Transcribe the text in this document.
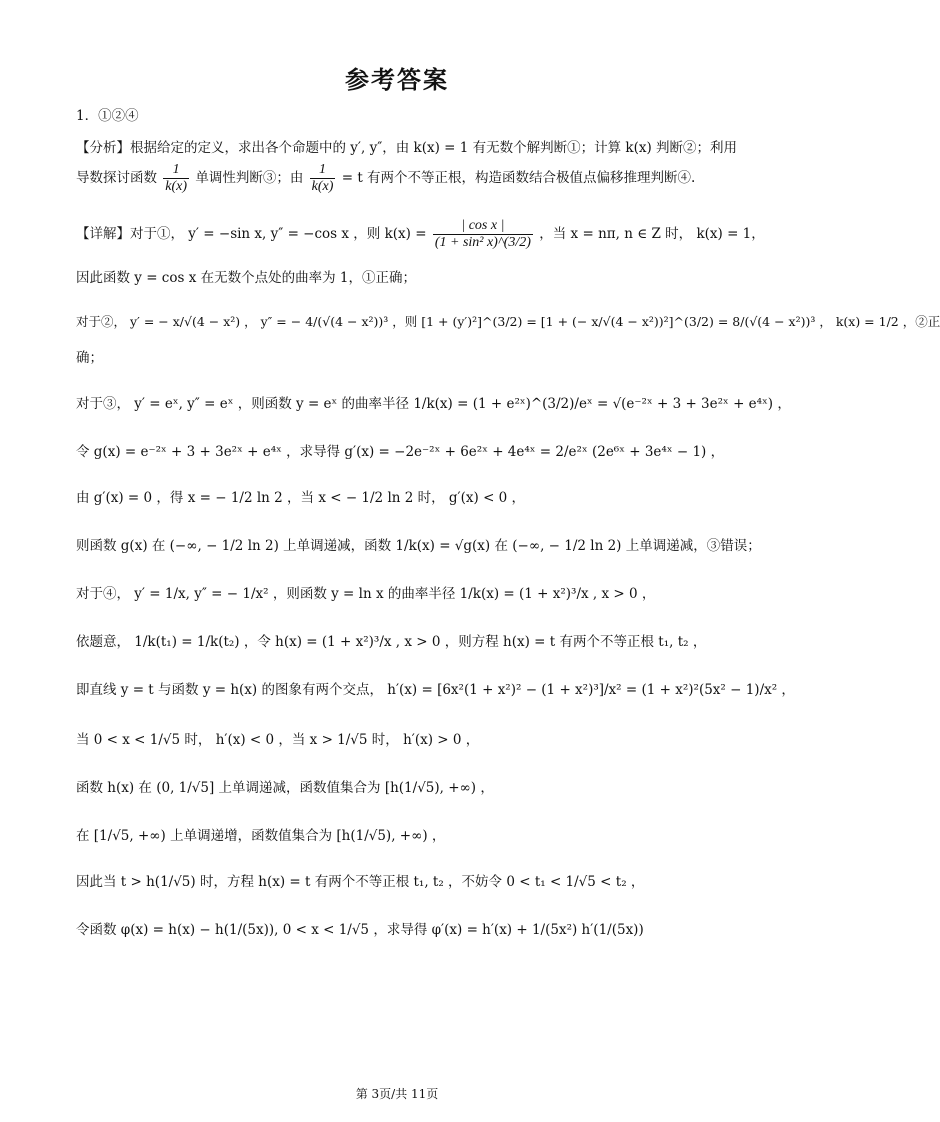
参考答案
1．①②④
【分析】根据给定的定义，求出各个命题中的 y′, y″，由 k(x) = 1 有无数个解判断①；计算 k(x) 判断②；利用
导数探讨函数 $\frac{1}{k(x)}$ 单调性判断③；由 $\frac{1}{k(x)} = t$ 有两个不等正根，构造函数结合极值点偏移推理判断④.
【详解】对于①， y′ = −sin x, y″ = −cos x ，则 $k(x) = \frac{\text{| cos x |}}{\text{(1 + sin² x)\textasciicircum{}(3/2)}}$ ，当 x = nπ, n ∈ Z 时， k(x) = 1，
因此函数 y = cos x 在无数个点处的曲率为 1，①正确；
对于②， y′ = − x/√(4 − x²) ， y″ = − 4/(√(4 − x²))³ ，则 [1 + (y′)²]^(3/2) = [1 + (− x/√(4 − x²))²]^(3/2) = 8/(√(4 − x²))³ ， k(x) = 1/2 ，②正
确；
对于③， y′ = eˣ, y″ = eˣ ，则函数 y = eˣ 的曲率半径 1/k(x) = (1 + e²ˣ)^(3/2)/eˣ = √(e⁻²ˣ + 3 + 3e²ˣ + e⁴ˣ) ，
令 g(x) = e⁻²ˣ + 3 + 3e²ˣ + e⁴ˣ ，求导得 g′(x) = −2e⁻²ˣ + 6e²ˣ + 4e⁴ˣ = 2/e²ˣ (2e⁶ˣ + 3e⁴ˣ − 1) ，
由 g′(x) = 0 ，得 x = − 1/2 ln 2 ，当 x < − 1/2 ln 2 时， g′(x) < 0 ，
则函数 g(x) 在 (−∞, − 1/2 ln 2) 上单调递减，函数 1/k(x) = √g(x) 在 (−∞, − 1/2 ln 2) 上单调递减，③错误；
对于④， y′ = 1/x, y″ = − 1/x² ，则函数 y = ln x 的曲率半径 1/k(x) = (1 + x²)³/x , x > 0 ，
依题意， 1/k(t₁) = 1/k(t₂) ，令 h(x) = (1 + x²)³/x , x > 0 ，则方程 h(x) = t 有两个不等正根 t₁, t₂ ，
即直线 y = t 与函数 y = h(x) 的图象有两个交点， h′(x) = [6x²(1 + x²)² − (1 + x²)³]/x² = (1 + x²)²(5x² − 1)/x² ，
当 0 < x < 1/√5 时， h′(x) < 0 ，当 x > 1/√5 时， h′(x) > 0 ，
函数 h(x) 在 (0, 1/√5] 上单调递减，函数值集合为 [h(1/√5), +∞) ，
在 [1/√5, +∞) 上单调递增，函数值集合为 [h(1/√5), +∞) ，
因此当 t > h(1/√5) 时，方程 h(x) = t 有两个不等正根 t₁, t₂ ，不妨令 0 < t₁ < 1/√5 < t₂ ，
令函数 φ(x) = h(x) − h(1/(5x)), 0 < x < 1/√5 ，求导得 φ′(x) = h′(x) + 1/(5x²) h′(1/(5x))
第 3页/共 11页
